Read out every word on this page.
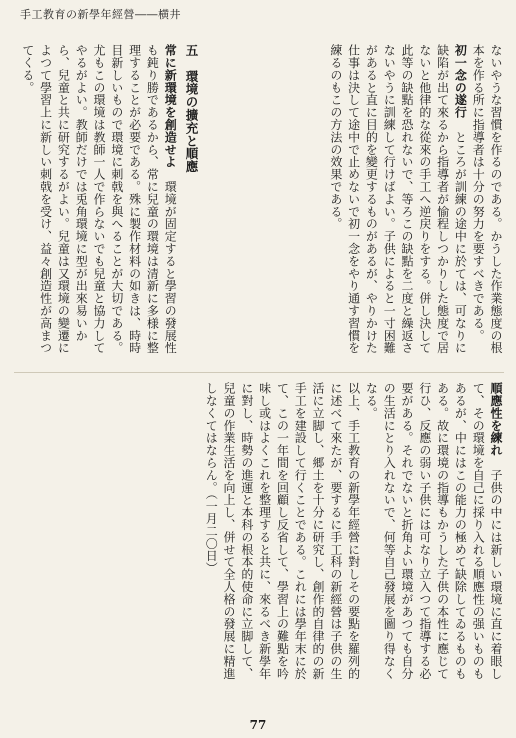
手工教育の新學年經營――横井

ないやうな習慣を作るのである。かうした作業態度の根本を作る所に指導者は十分の努力を要すべきである。

初一念の遂行　ところが訓練の途中に於ては、可なりに缺陷が出て來るから指導者が愉程しつかりした態度で居ないと他律的な從來の手工へ逆戻りをする。併し決して此等の缺點を恐れないで、等ろこの缺點を二度と繰返さないやうに訓練して行けばよい。子供によると一寸困難があると直に目的を變更するものがあるが、やりかけた仕事は決して途中で止めないで初一念をやり通す習慣を練るのもこの方法の效果である。

五　環境の擴充と順應

常に新環境を創造せよ　環境が固定すると學習の發展性も鈍り勝であるから、常に兒童の環境は清新に多様に整理することが必要である。殊に製作材料の如きは、時時目新しいもので環境に刺戟を與へることが大切である。尤もこの環境は教師一人で作らないでも兒童と協力してやるがよい。教師だけでは兎角環境に型が出來易いから、兒童と共に研究するがよい。兒童は又環境の變遷によつて學習上に新しい刺戟を受け、益々創造性が高まつてくる。

順應性を練れ　子供の中には新しい環境に直に着眼して、その環境を自己に採り入れる順應性の强いものもあるが、中にはこの能力の極めて缺除してゐるものもある。故に環境の指導もかうした子供の本性に應じて行ひ、反應の弱い子供には可なり立入つて指導する必要がある。それでないと折角よい環境があつても自分の生活にとり入れないで、何等自己發展を圖り得なくなる。

以上、手工教育の新學年經營に對しその要點を羅列的に述べて來たが、要するに手工科の新經營は子供の生活に立脚し、郷土を十分に研究し、創作的自律的の新手工を建設して行くことである。これには學年末に於て、この一年間を回顧し反省して、學習上の難點を吟味し或はよくこれを整理すると共に、來るべき新學年に對し、時勢の進運と本科の根本的使命に立脚して、兒童の作業生活を向上し、併せて全人格の發展に精進しなくてはならん。（一月二〇日）

77
